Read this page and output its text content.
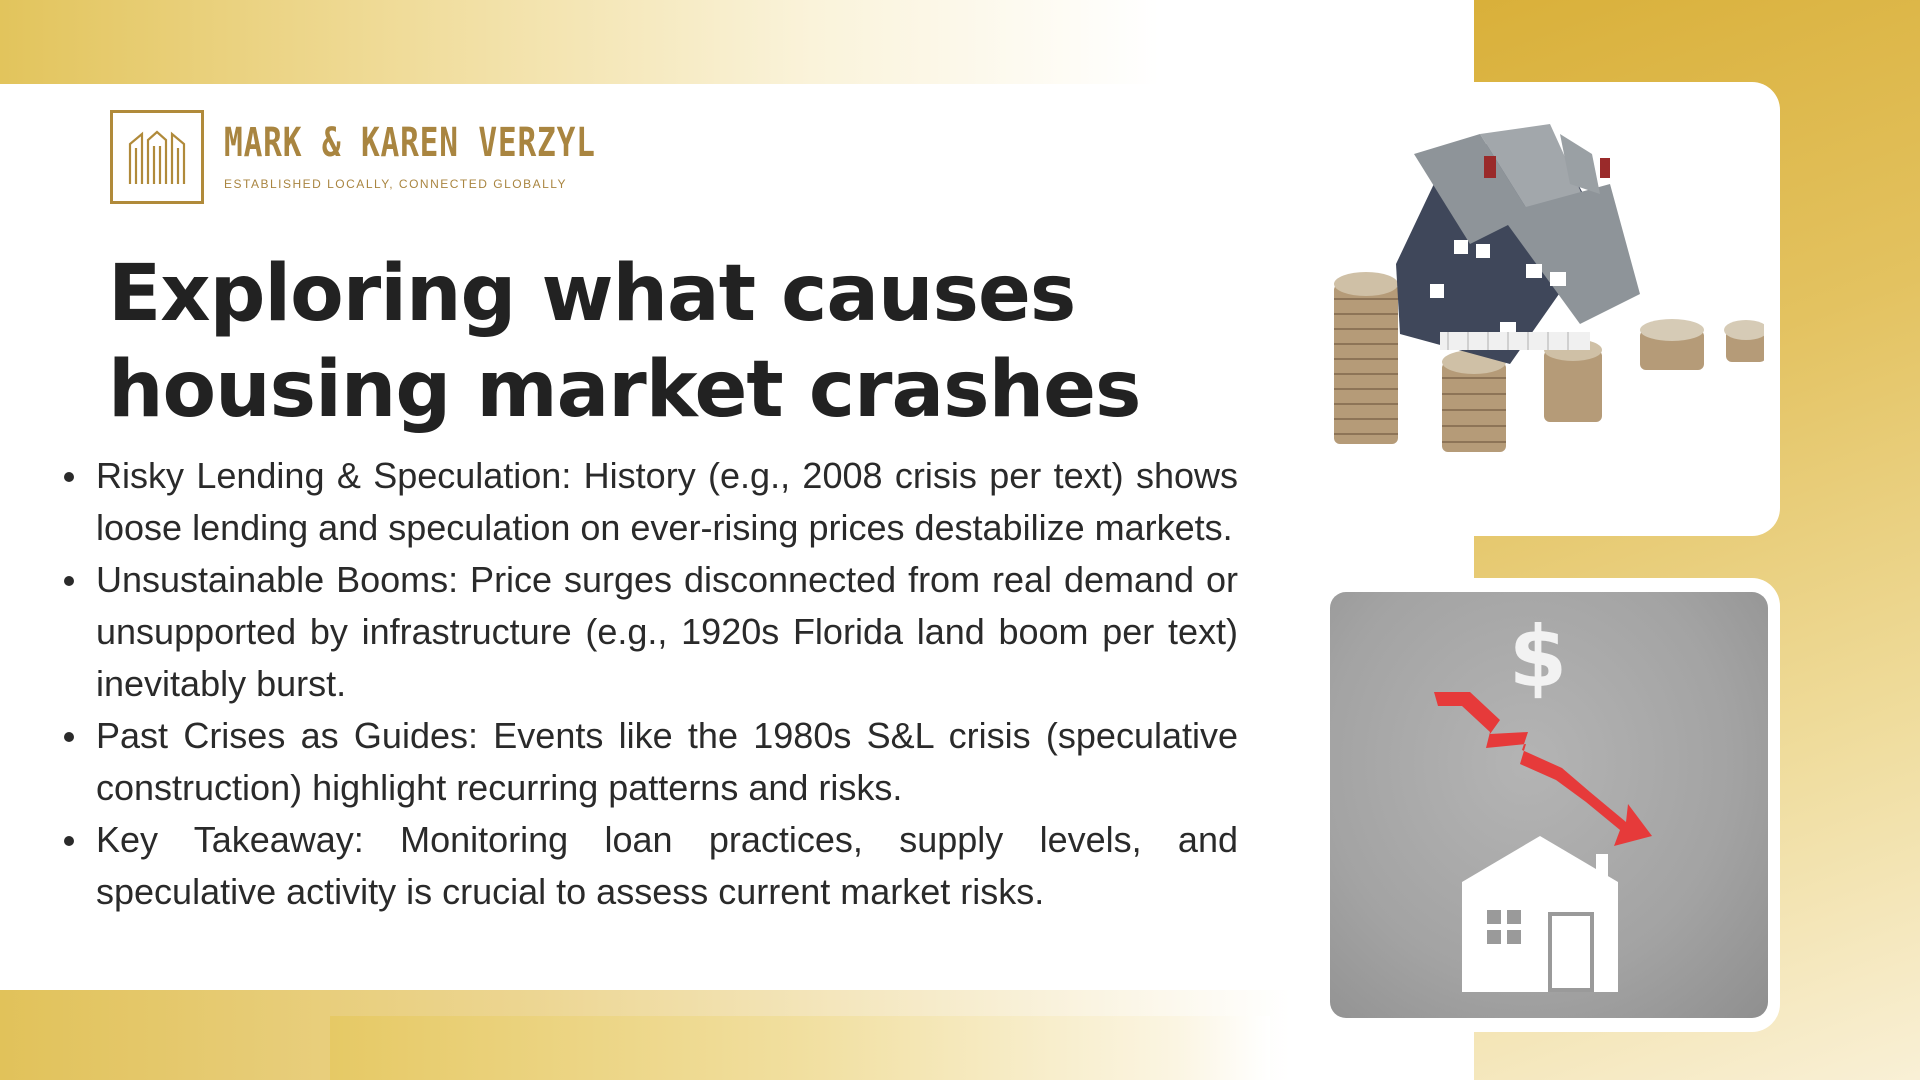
MARK & KAREN VERZYL
ESTABLISHED LOCALLY, CONNECTED GLOBALLY
Exploring what causes
housing market crashes
Risky Lending & Speculation: History (e.g., 2008 crisis per text) shows loose lending and speculation on ever-rising prices destabilize markets.
Unsustainable Booms: Price surges disconnected from real demand or unsupported by infrastructure (e.g., 1920s Florida land boom per text) inevitably burst.
Past Crises as Guides: Events like the 1980s S&L crisis (speculative construction) highlight recurring patterns and risks.
Key Takeaway: Monitoring loan practices, supply levels, and speculative activity is crucial to assess current market risks.
$
